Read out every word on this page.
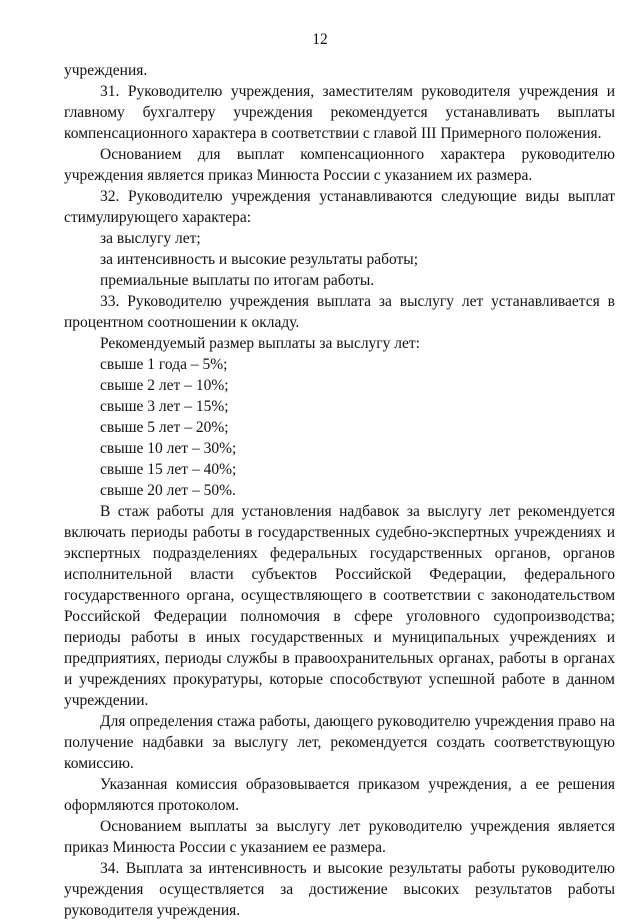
12

учреждения.

31. Руководителю учреждения, заместителям руководителя учреждения и главному бухгалтеру учреждения рекомендуется устанавливать выплаты компенсационного характера в соответствии с главой III Примерного положения.

Основанием для выплат компенсационного характера руководителю учреждения является приказ Минюста России с указанием их размера.

32. Руководителю учреждения устанавливаются следующие виды выплат стимулирующего характера:

за выслугу лет;

за интенсивность и высокие результаты работы;

премиальные выплаты по итогам работы.

33. Руководителю учреждения выплата за выслугу лет устанавливается в процентном соотношении к окладу.

Рекомендуемый размер выплаты за выслугу лет:

свыше 1 года – 5%;

свыше 2 лет – 10%;

свыше 3 лет – 15%;

свыше 5 лет – 20%;

свыше 10 лет – 30%;

свыше 15 лет – 40%;

свыше 20 лет – 50%.

В стаж работы для установления надбавок за выслугу лет рекомендуется включать периоды работы в государственных судебно-экспертных учреждениях и экспертных подразделениях федеральных государственных органов, органов исполнительной власти субъектов Российской Федерации, федерального государственного органа, осуществляющего в соответствии с законодательством Российской Федерации полномочия в сфере уголовного судопроизводства; периоды работы в иных государственных и муниципальных учреждениях и предприятиях, периоды службы в правоохранительных органах, работы в органах и учреждениях прокуратуры, которые способствуют успешной работе в данном учреждении.

Для определения стажа работы, дающего руководителю учреждения право на получение надбавки за выслугу лет, рекомендуется создать соответствующую комиссию.

Указанная комиссия образовывается приказом учреждения, а ее решения оформляются протоколом.

Основанием выплаты за выслугу лет руководителю учреждения является приказ Минюста России с указанием ее размера.

34. Выплата за интенсивность и высокие результаты работы руководителю учреждения осуществляется за достижение высоких результатов работы руководителя учреждения.
